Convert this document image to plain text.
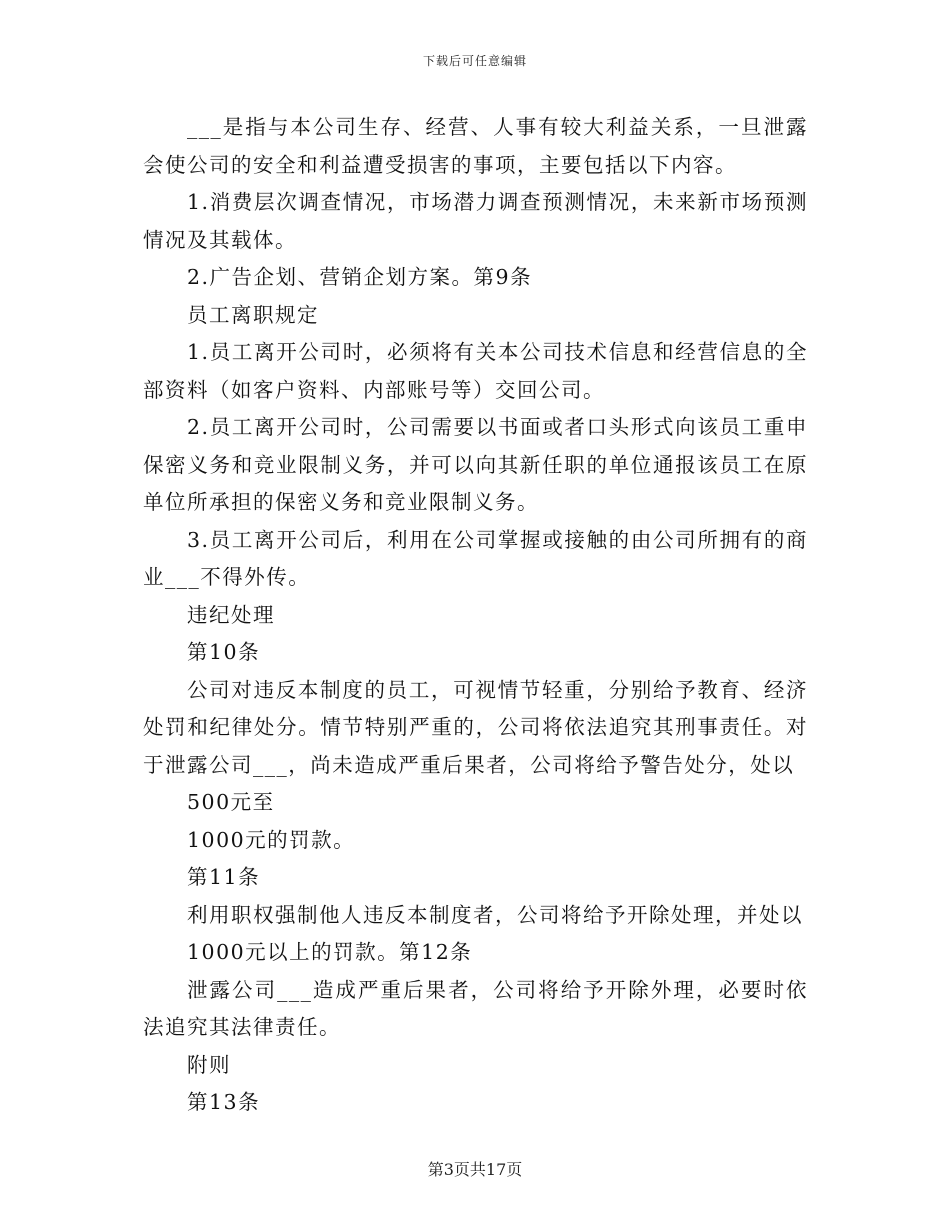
下载后可任意编辑

___是指与本公司生存、经营、人事有较大利益关系，一旦泄露会使公司的安全和利益遭受损害的事项，主要包括以下内容。

1.消费层次调查情况，市场潜力调查预测情况，未来新市场预测情况及其载体。

2.广告企划、营销企划方案。第9条

员工离职规定

1.员工离开公司时，必须将有关本公司技术信息和经营信息的全部资料（如客户资料、内部账号等）交回公司。

2.员工离开公司时，公司需要以书面或者口头形式向该员工重申保密义务和竞业限制义务，并可以向其新任职的单位通报该员工在原单位所承担的保密义务和竞业限制义务。

3.员工离开公司后，利用在公司掌握或接触的由公司所拥有的商业___不得外传。

违纪处理

第10条

公司对违反本制度的员工，可视情节轻重，分别给予教育、经济处罚和纪律处分。情节特别严重的，公司将依法追究其刑事责任。对于泄露公司___，尚未造成严重后果者，公司将给予警告处分，处以

500元至

1000元的罚款。

第11条

利用职权强制他人违反本制度者，公司将给予开除处理，并处以

1000元以上的罚款。第12条

泄露公司___造成严重后果者，公司将给予开除外理，必要时依法追究其法律责任。

附则

第13条

第3页共17页
